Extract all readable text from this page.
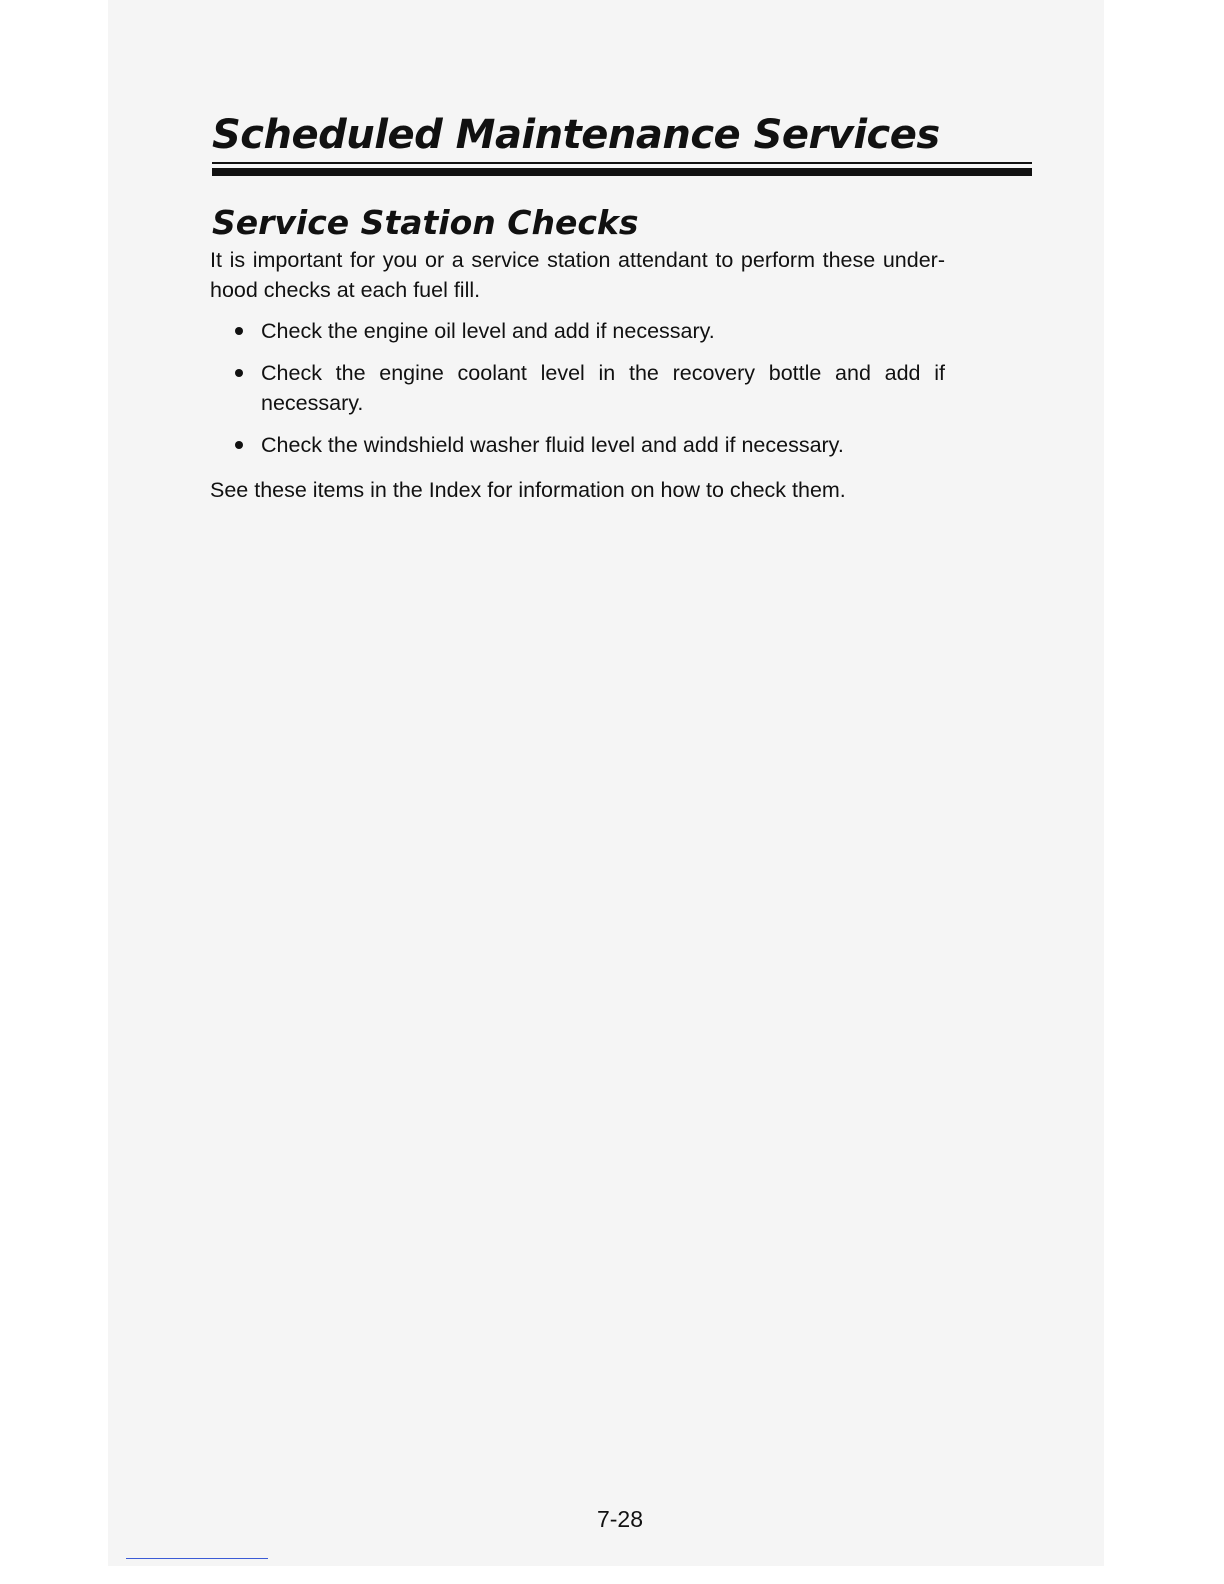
Scheduled Maintenance Services
Service Station Checks

It is important for you or a service station attendant to perform these under-hood checks at each fuel fill.

Check the engine oil level and add if necessary.
Check the engine coolant level in the recovery bottle and add if necessary.
Check the windshield washer fluid level and add if necessary.

See these items in the Index for information on how to check them.

7-28
